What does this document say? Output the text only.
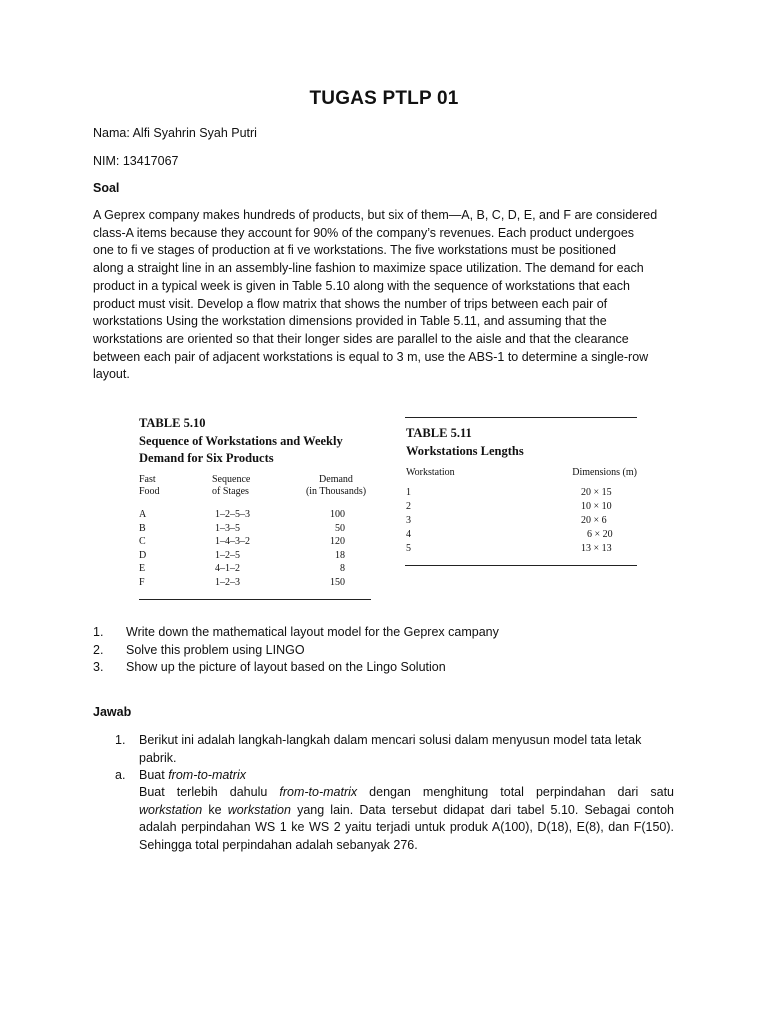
TUGAS PTLP 01
Nama: Alfi Syahrin Syah Putri
NIM: 13417067
Soal
A Geprex company makes hundreds of products, but six of them—A, B, C, D, E, and F are considered
class-A items because they account for 90% of the company’s revenues. Each product undergoes
one to fi ve stages of production at fi ve workstations. The five workstations must be positioned
along a straight line in an assembly-line fashion to maximize space utilization. The demand for each
product in a typical week is given in Table 5.10 along with the sequence of workstations that each
product must visit. Develop a flow matrix that shows the number of trips between each pair of
workstations Using the workstation dimensions provided in Table 5.11, and assuming that the
workstations are oriented so that their longer sides are parallel to the aisle and that the clearance
between each pair of adjacent workstations is equal to 3 m, use the ABS-1 to determine a single-row
layout.
TABLE 5.10
Sequence of Workstations and Weekly
Demand for Six Products
Fast
Food
Sequence
of Stages
Demand
(in Thousands)
A	1–2–5–3	100
B	1–3–5	50
C	1–4–3–2	120
D	1–2–5	18
E	4–1–2	8
F	1–2–3	150
TABLE 5.11
Workstations Lengths
Workstation	Dimensions (m)
1	20 × 15
2	10 × 10
3	20 × 6
4	6 × 20
5	13 × 13
1. Write down the mathematical layout model for the Geprex campany
2. Solve this problem using LINGO
3. Show up the picture of layout based on the Lingo Solution
Jawab
1. Berikut ini adalah langkah-langkah dalam mencari solusi dalam menyusun model tata letak
pabrik.
a. Buat from-to-matrix
Buat terlebih dahulu from-to-matrix dengan menghitung total perpindahan dari satu
workstation ke workstation yang lain. Data tersebut didapat dari tabel 5.10. Sebagai contoh
adalah perpindahan WS 1 ke WS 2 yaitu terjadi untuk produk A(100), D(18), E(8), dan F(150).
Sehingga total perpindahan adalah sebanyak 276.
